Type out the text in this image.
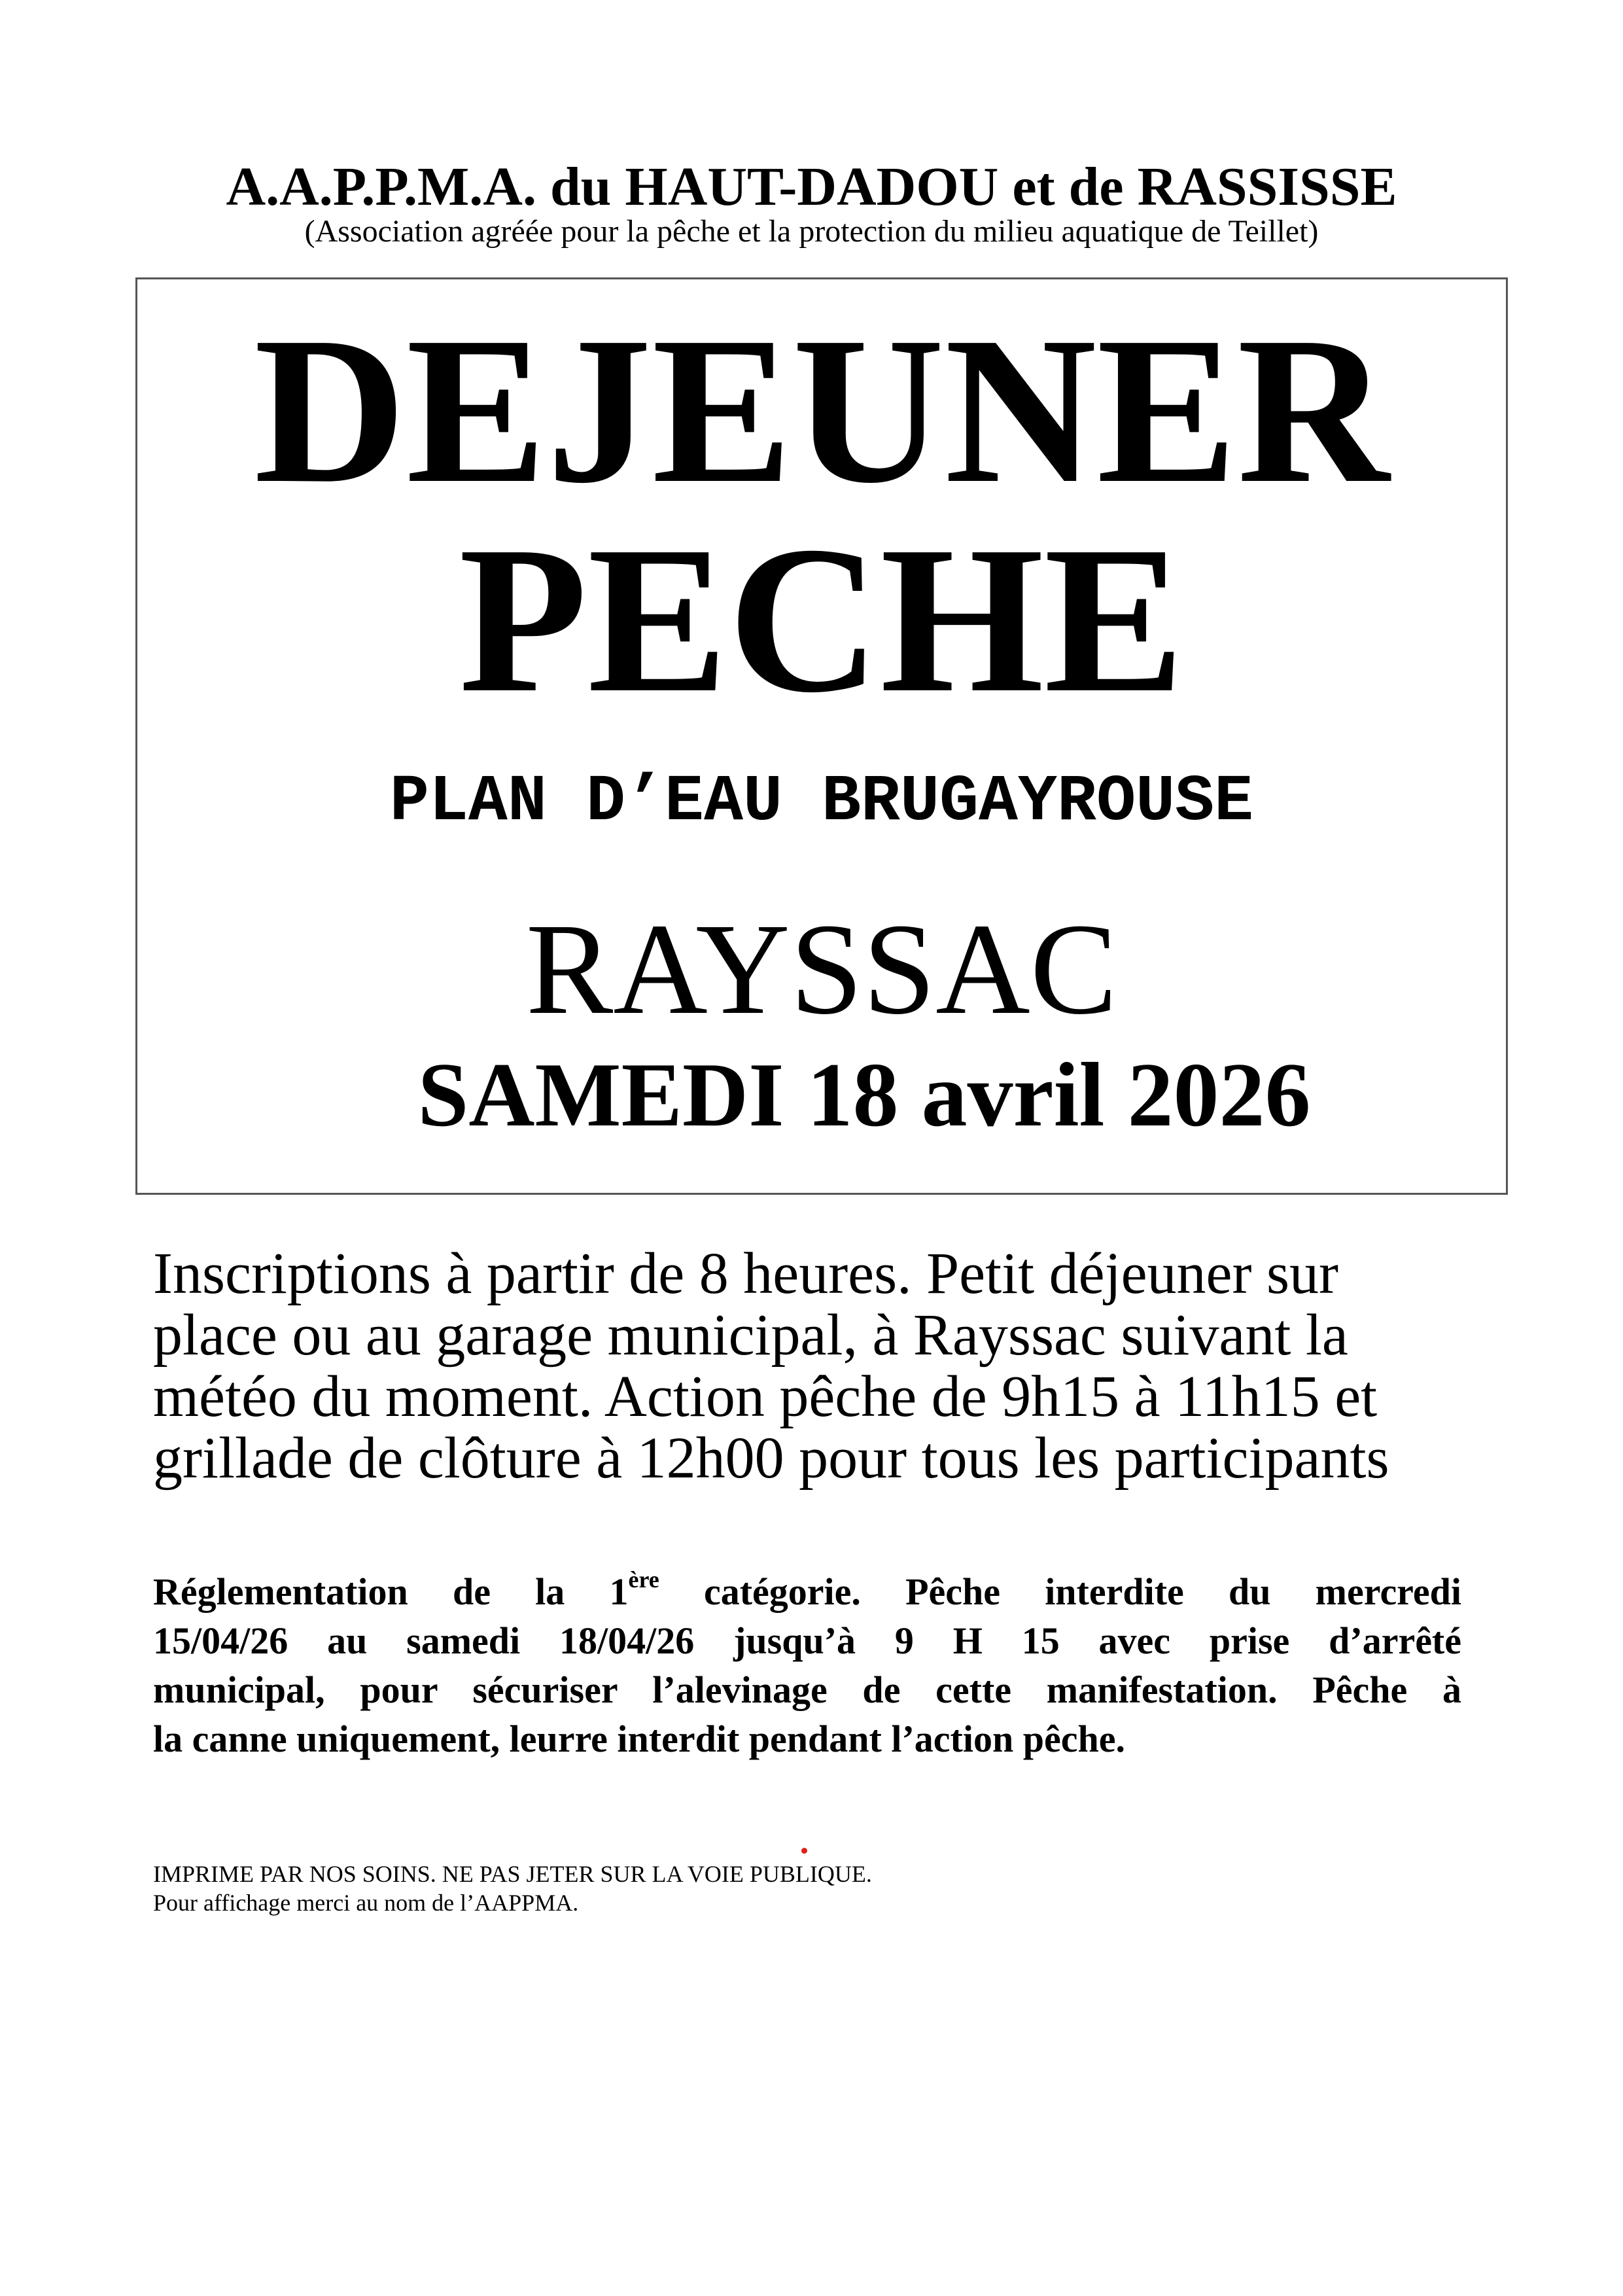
A.A.P.P.M.A. du HAUT-DADOU et de RASSISSE
(Association agréée pour la pêche et la protection du milieu aquatique de Teillet)
DEJEUNER
PECHE
PLAN D’EAU BRUGAYROUSE
RAYSSAC
SAMEDI 18 avril 2026
Inscriptions à partir de 8 heures. Petit déjeuner sur
place ou au garage municipal, à Rayssac suivant la
météo du moment. Action pêche de 9h15 à 11h15 et
grillade de clôture à 12h00 pour tous les participants
Réglementation de la 1ère catégorie. Pêche interdite du mercredi
15/04/26 au samedi 18/04/26 jusqu’à 9 H 15 avec prise d’arrêté
municipal, pour sécuriser l’alevinage de cette manifestation. Pêche à
la canne uniquement, leurre interdit pendant l’action pêche.
IMPRIME PAR NOS SOINS. NE PAS JETER SUR LA VOIE PUBLIQUE.
Pour affichage merci au nom de l’AAPPMA.
